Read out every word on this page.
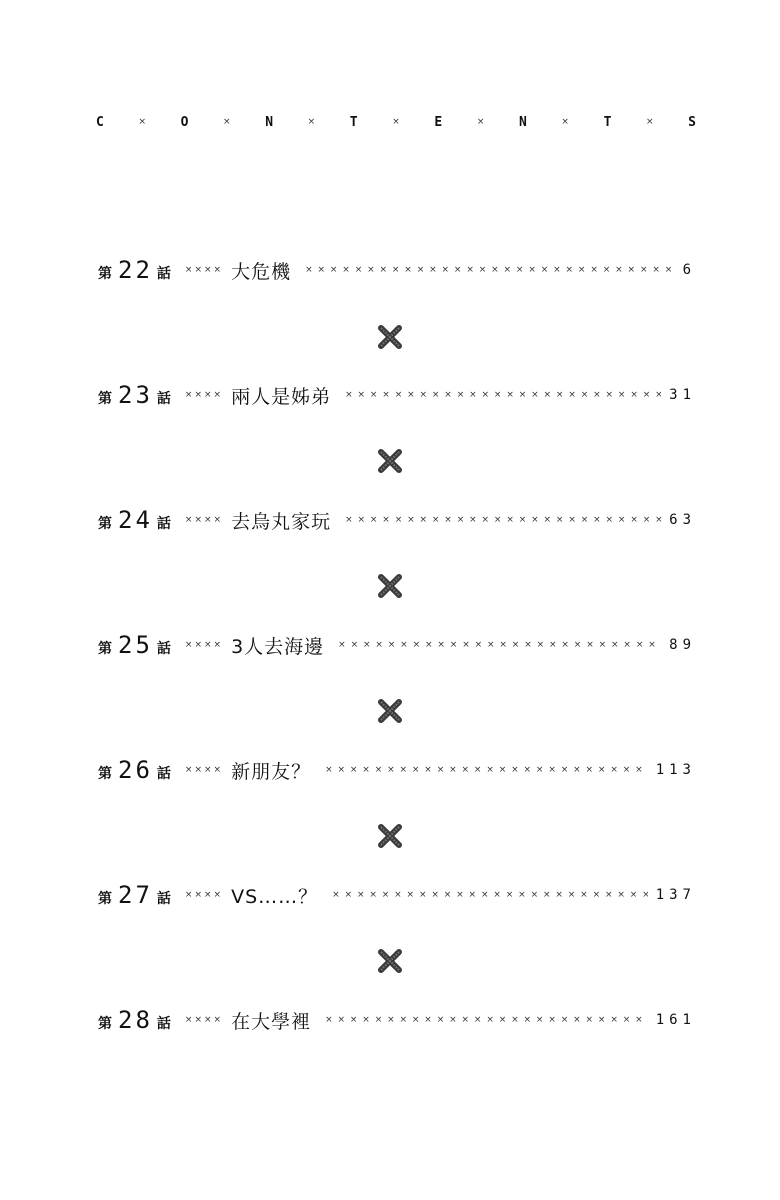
C	×	O	×	N	×	T	×	E	×	N	×	T	×	S
第 22 話 ×××× 大危機 × × × × × × × × × × × × × × × × × × × × × × × × × × × × × × × × × × × × × × × × × × × × × × × × × × × × × × × ×	6
第 23 話 ×××× 兩人是姊弟 × × × × × × × × × × × × × × × × × × × × × × × × × × × × × × × × × × × × × × × × × × × × × × × × × × × × × × × ×	31
第 24 話 ×××× 去烏丸家玩 × × × × × × × × × × × × × × × × × × × × × × × × × × × × × × × × × × × × × × × × × × × × × × × × × × × × × × × ×	63
第 25 話 ×××× 3人去海邊 × × × × × × × × × × × × × × × × × × × × × × × × × × × × × × × × × × × × × × × × × × × × × × × × × × × × × × × ×	89
第 26 話 ×××× 新朋友？ × × × × × × × × × × × × × × × × × × × × × × × × × × × × × × × × × × × × × × × × × × × × × × × × × × × × × × × ×	113
第 27 話 ×××× VS……？ × × × × × × × × × × × × × × × × × × × × × × × × × × × × × × × × × × × × × × × × × × × × × × × × × × × × × × × ×	137
第 28 話 ×××× 在大學裡 × × × × × × × × × × × × × × × × × × × × × × × × × × × × × × × × × × × × × × × × × × × × × × × × × × × × × × × ×	161
